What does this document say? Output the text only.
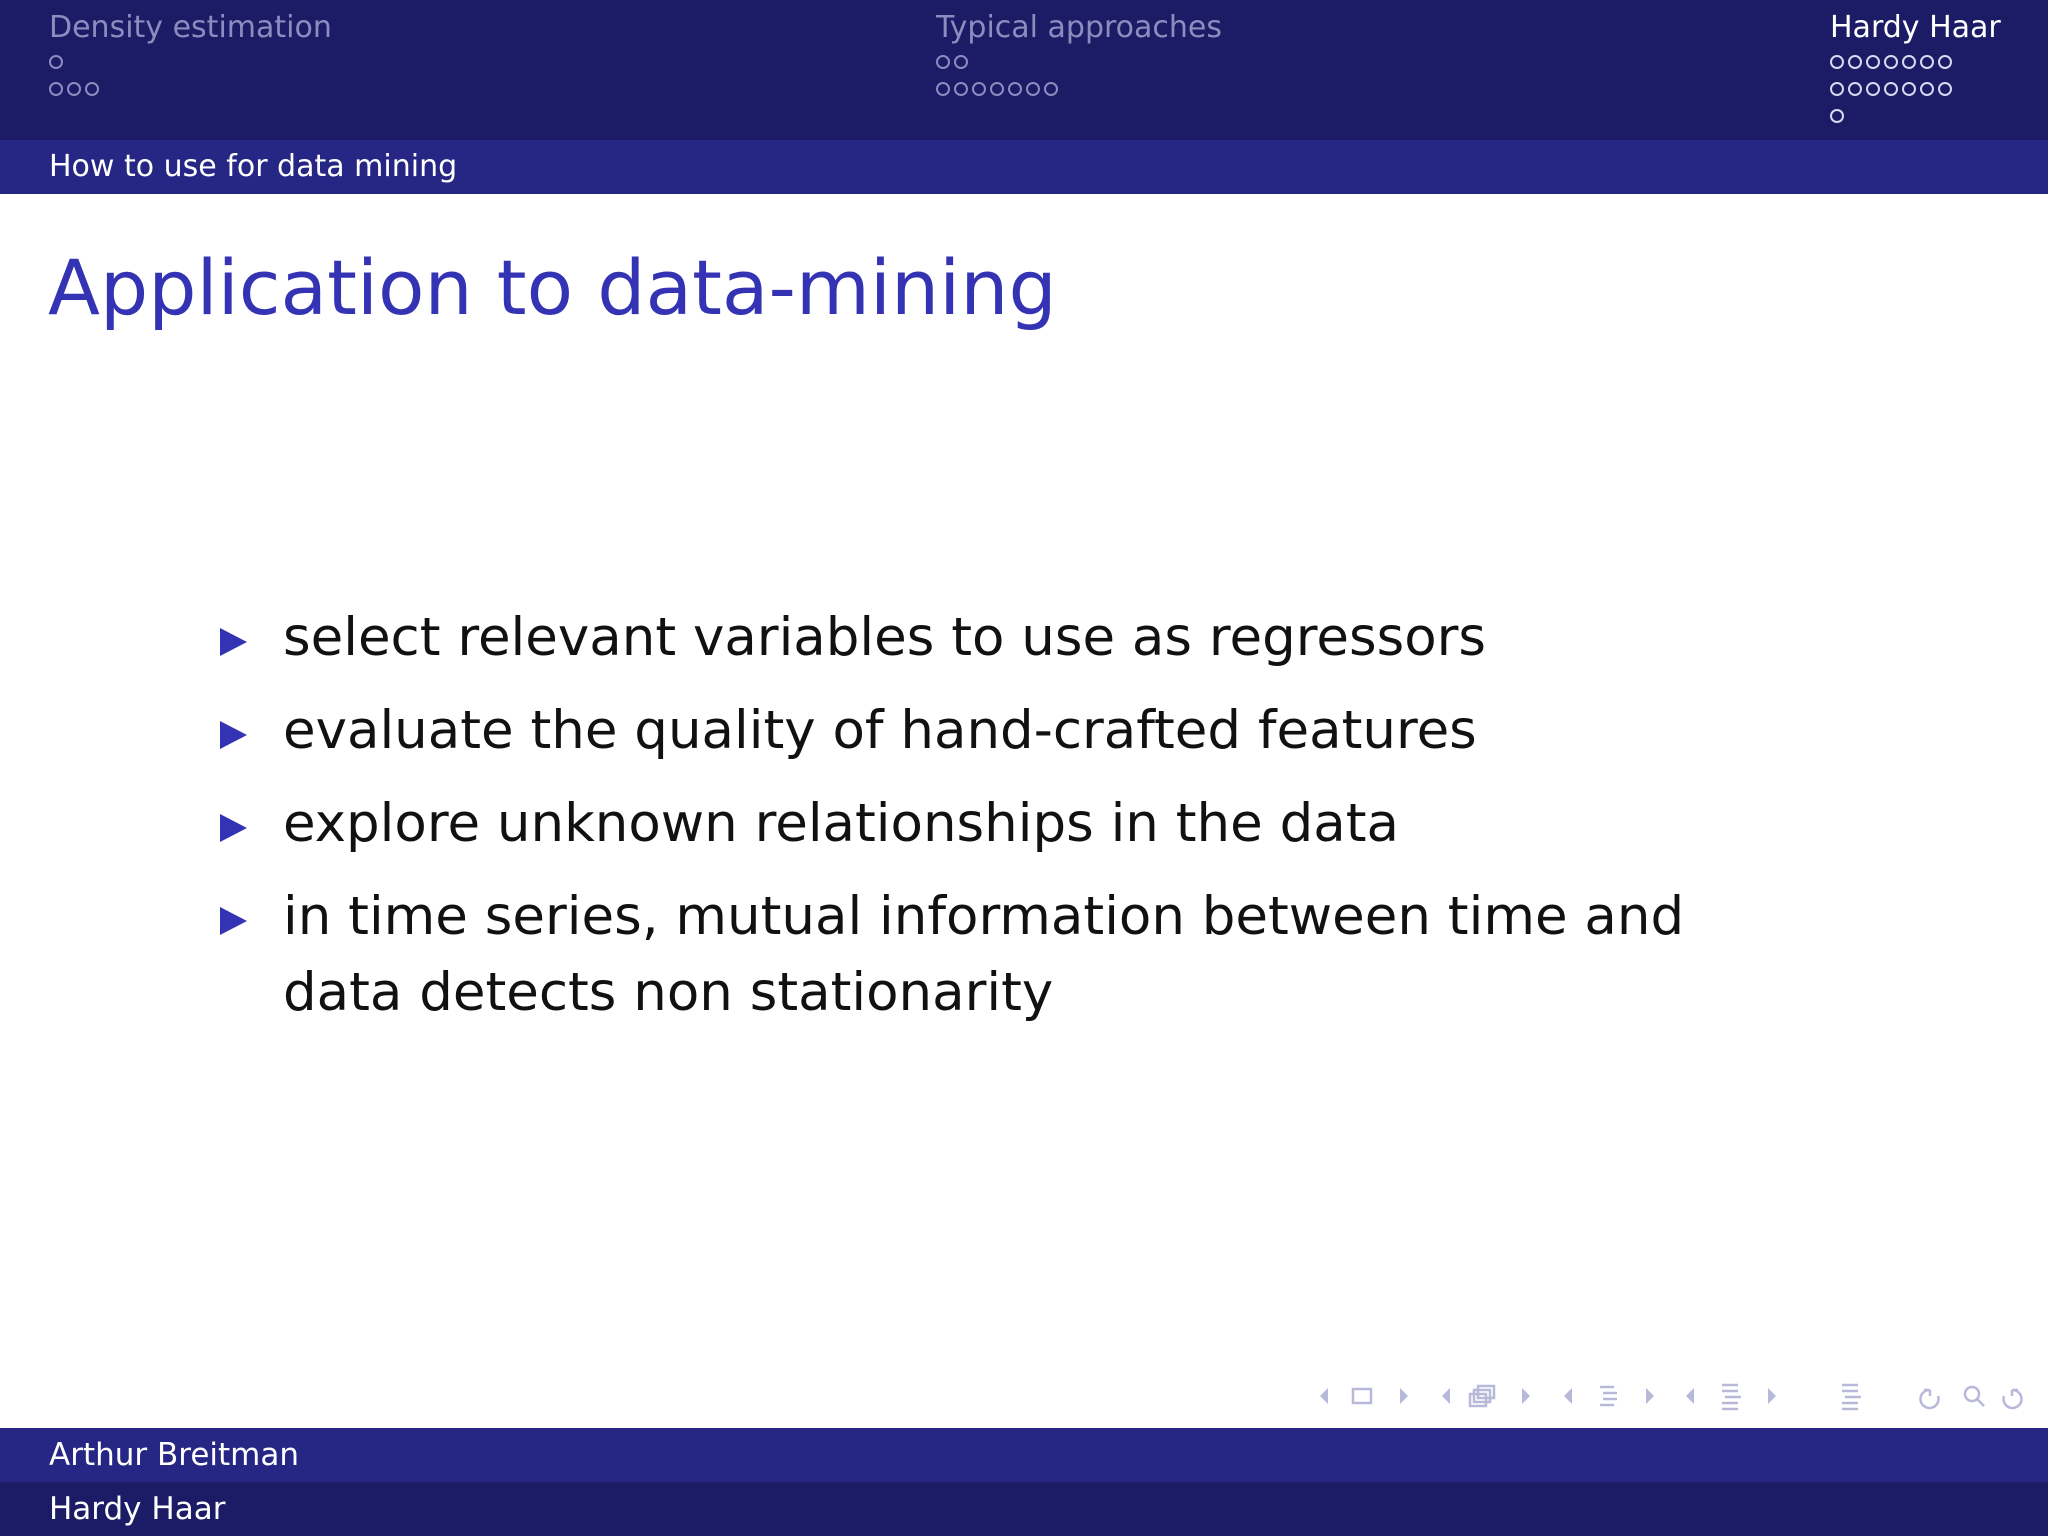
Density estimation	Typical approaches	Hardy Haar
How to use for data mining
Application to data-mining
select relevant variables to use as regressors
evaluate the quality of hand-crafted features
explore unknown relationships in the data
in time series, mutual information between time and data detects non stationarity
Arthur Breitman
Hardy Haar
